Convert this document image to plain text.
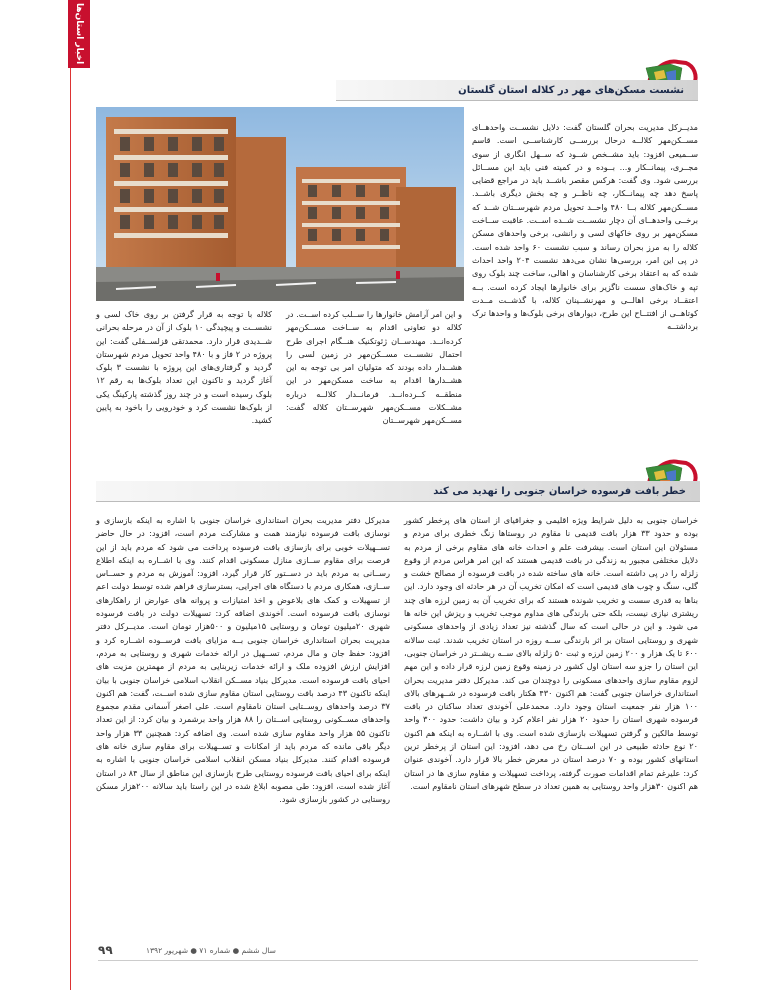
اخبار استان‌ها
نشست مسکن‌های مهر در کلاله استان گلستان

مدیــرکل مدیریت بحران گلستان گفت: دلایل نشســت واحدهــای مســکن‌مهر کلالــه درحال بررســی کارشناســی است. قاسم ســمیعی افزود: باید مشــخص شــود که ســهل انگاری از سوی مجــری، پیمانــکار و... بــوده و در کمیته فنی باید این مســائل بررسی شود. وی گفت: هرکس مقصر باشــد باید در مراجع قضایی پاسخ دهد چه پیمانــکار، چه ناظــر و چه بخش دیگری باشــد. مســکن‌مهر کلاله بــا ۴۸۰ واحــد تحویل مردم شهرســتان شــد که برخــی واحدهــای آن دچار نشســت شــده اســت. عاقبت ســاخت مسکن‌مهر بر روی خاکهای لسی و رانشی، برخی واحدهای مسکن کلاله را به مرز بحران رساند و سبب نشست ۶۰ واحد شده است. در پی این امر، بررسی‌ها نشان می‌دهد نشست ۲۰۴ واحد احداث شده که به اعتقاد برخی کارشناسان و اهالی، ساخت چند بلوک روی تپه و خاک‌های سست ناگزیر برای خانوارها ایجاد کرده است. بــه اعتقــاد برخی اهالــی و مهرنشــینان کلاله، با گذشــت مــدت کوتاهــی از افتتــاح این طرح، دیوارهای برخی بلوک‌ها و واحدها ترک برداشتــه

و این امر آرامش خانوارها را ســلب کرده اســت. در کلاله دو تعاونی اقدام به ســاخت مســکن‌مهر کرده‌انــد. مهندســان ژئوتکنیک هنــگام اجرای طرح احتمال نشســت مســکن‌مهر در زمین لسی را هشــدار داده بودند که متولیان امر بی توجه به این هشــدارها اقدام به ساخت مسکن‌مهر در این منطقــه کــرده‌انــد. فرمانــدار کلالــه درباره مشــکلات مســکن‌مهر شهرســتان کلاله گفت: مســکن‌مهر شهرســتان

کلاله با توجه به قرار گرفتن بر روی خاک لسی و نشســت و پیچیدگی ۱۰ بلوک از آن در مرحله بحرانی شــدیدی قرار دارد. محمدتقی قزلســفلی گفت: این پروژه در ۲ فاز و با ۴۸۰ واحد تحویل مردم شهرستان گردید و گرفتاری‌های این پروژه با نشست ۳ بلوک آغاز گردید و تاکنون این تعداد بلوک‌ها به رقم ۱۲ بلوک رسیده است و در چند روز گذشته پارکینگ یکی از بلوک‌ها نشست کرد و خودرویی را باخود به پایین کشید.

خطر بافت فرسوده خراسان جنوبی را تهدید می کند

خراسان جنوبی به دلیل شرایط ویژه اقلیمی و جغرافیای از استان های پرخطر کشور بوده و حدود ۳۳ هزار بافت قدیمی نا مقاوم در روستاها زنگ خطری برای مردم و مسئولان این استان است. بیشرفت علم و احداث خانه های مقاوم برخی از مردم به دلایل مختلفی مجبور به زندگی در بافت قدیمی هستند که این امر هراس مردم از وقوع زلزله را در پی داشته است. خانه های ساخته شده در بافت فرسوده از مصالح خشت و گلی، سنگ و چوب های قدیمی است که امکان تخریب آن در هر حادثه ای وجود دارد. این بناها به قدری سست و تخریب شونده هستند که برای تخریب آن به زمین لرزه های چند ریشتری نیازی نیست، بلکه حتی بارندگی های مداوم موجب تخریب و ریزش این خانه ها می شود. و این در حالی است که سال گذشته نیز تعداد زیادی از واحدهای مسکونی شهری و روستایی استان بر اثر بارندگی ســه روزه در استان تخریب شدند. ثبت سالانه ۶۰۰ تا یک هزار و ۲۰۰ زمین لرزه و ثبت ۵۰ زلزله بالای ســه ریشــتر در خراسان جنوبی، این استان را جزو سه استان اول کشور در زمینه وقوع زمین لرزه قرار داده و این مهم لزوم مقاوم سازی واحدهای مسکونی را دوچندان می کند. مدیرکل دفتر مدیریت بحران استانداری خراسان جنوبی گفت: هم اکنون ۴۳۰ هکتار بافت فرسوده در شــهرهای بالای ۱۰۰ هزار نفر جمعیت استان وجود دارد. محمدعلی آخوندی تعداد ساکنان در بافت فرسوده شهری استان را حدود ۲۰ هزار نفر اعلام کرد و بیان داشت: حدود ۳۰۰ واحد توسط مالکین و گرفتن تسهیلات بازسازی شده است. وی با اشــاره به اینکه هم اکنون ۲۰ نوع حادثه طبیعی در این اســتان رخ می دهد، افزود: این استان از پرخطر ترین استانهای کشور بوده و ۷۰ درصد استان در معرض خطر بالا قرار دارد. آخوندی عنوان کرد: علیرغم تمام اقدامات صورت گرفته، پرداخت تسهیلات و مقاوم سازی ها در استان هم اکنون ۳۰هزار واحد روستایی به همین تعداد در سطح شهرهای استان نامقاوم است.

مدیرکل دفتر مدیریت بحران استانداری خراسان جنوبی با اشاره به اینکه بازسازی و نوسازی بافت فرسوده نیازمند همت و مشارکت مردم است، افزود: در حال حاضر تســهیلات خوبی برای بازسازی بافت فرسوده پرداخت می شود که مردم باید از این فرصت برای مقاوم ســازی منازل مسکونی اقدام کنند. وی با اشــاره به اینکه اطلاع رســانی به مردم باید در دســتور کار قرار گیرد، افزود: آموزش به مردم و حســاس ســازی، همکاری مردم با دستگاه های اجرایی، بسترسازی فراهم شده توسط دولت اعم از تسهیلات و کمک های بلاعوض و اخذ امتیازات و پروانه های عوارض از راهکارهای نوسازی بافت فرسوده است. آخوندی اضافه کرد: تسهیلات دولت در بافت فرسوده شهری ۲۰میلیون تومان و روستایی ۱۵میلیون و ۵۰۰هزار تومان است. مدیــرکل دفتر مدیریت بحران استانداری خراسان جنوبی بــه مزایای بافت فرســوده اشــاره کرد و افزود: حفظ جان و مال مردم، تســهیل در ارائه خدمات شهری و روستایی به مردم، افزایش ارزش افزوده ملک و ارائه خدمات زیربنایی به مردم از مهمترین مزیت های احیای بافت فرسوده است. مدیرکل بنیاد مســکن انقلاب اسلامی خراسان جنوبی با بیان اینکه تاکنون ۴۳ درصد بافت روستایی استان مقاوم سازی شده اســت، گفت: هم اکنون ۳۷ درصد واحدهای روســتایی استان نامقاوم است. علی اصغر آسمانی مقدم مجموع واحدهای مســکونی روستایی اســتان را ۸۸ هزار واحد برشمرد و بیان کرد: از این تعداد تاکنون ۵۵ هزار واحد مقاوم سازی شده است. وی اضافه کرد: همچنین ۳۳ هزار واحد دیگر باقی مانده که مردم باید از امکانات و تســهیلات برای مقاوم سازی خانه های فرسوده اقدام کنند. مدیرکل بنیاد مسکن انقلاب اسلامی خراسان جنوبی با اشاره به اینکه برای احیای بافت فرسوده روستایی طرح بازسازی این مناطق از سال ۸۴ در استان آغاز شده است، افزود: طی مصوبه ابلاغ شده در این راستا باید سالانه ۲۰۰هزار مسکن روستایی در کشور بازسازی شود.

۹۹	سال ششم ● شماره ۷۱ ● شهریور ۱۳۹۲
